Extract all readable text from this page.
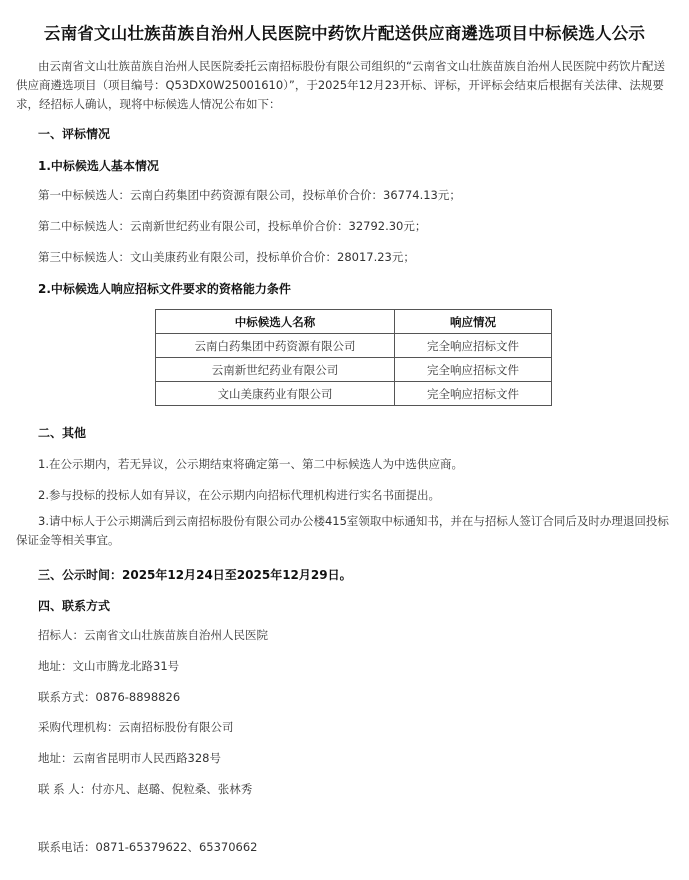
云南省文山壮族苗族自治州人民医院中药饮片配送供应商遴选项目中标候选人公示
由云南省文山壮族苗族自治州人民医院委托云南招标股份有限公司组织的“云南省文山壮族苗族自治州人民医院中药饮片配送供应商遴选项目（项目编号：Q53DX0W25001610）”，于2025年12月23开标、评标，开评标会结束后根据有关法律、法规要求，经招标人确认，现将中标候选人情况公布如下：
一、评标情况
1.中标候选人基本情况
第一中标候选人：云南白药集团中药资源有限公司，投标单价合价：36774.13元；
第二中标候选人：云南新世纪药业有限公司，投标单价合价：32792.30元；
第三中标候选人：文山美康药业有限公司，投标单价合价：28017.23元；
2.中标候选人响应招标文件要求的资格能力条件
中标候选人名称	响应情况
云南白药集团中药资源有限公司	完全响应招标文件
云南新世纪药业有限公司	完全响应招标文件
文山美康药业有限公司	完全响应招标文件
二、其他
1.在公示期内，若无异议，公示期结束将确定第一、第二中标候选人为中选供应商。
2.参与投标的投标人如有异议，在公示期内向招标代理机构进行实名书面提出。
3.请中标人于公示期满后到云南招标股份有限公司办公楼415室领取中标通知书，并在与招标人签订合同后及时办理退回投标保证金等相关事宜。
三、公示时间：2025年12月24日至2025年12月29日。
四、联系方式
招标人：云南省文山壮族苗族自治州人民医院
地址：文山市腾龙北路31号
联系方式：0876-8898826
采购代理机构：云南招标股份有限公司
地址：云南省昆明市人民西路328号
联 系 人：付亦凡、赵璐、倪粒桑、张林秀
联系电话：0871-65379622、65370662
